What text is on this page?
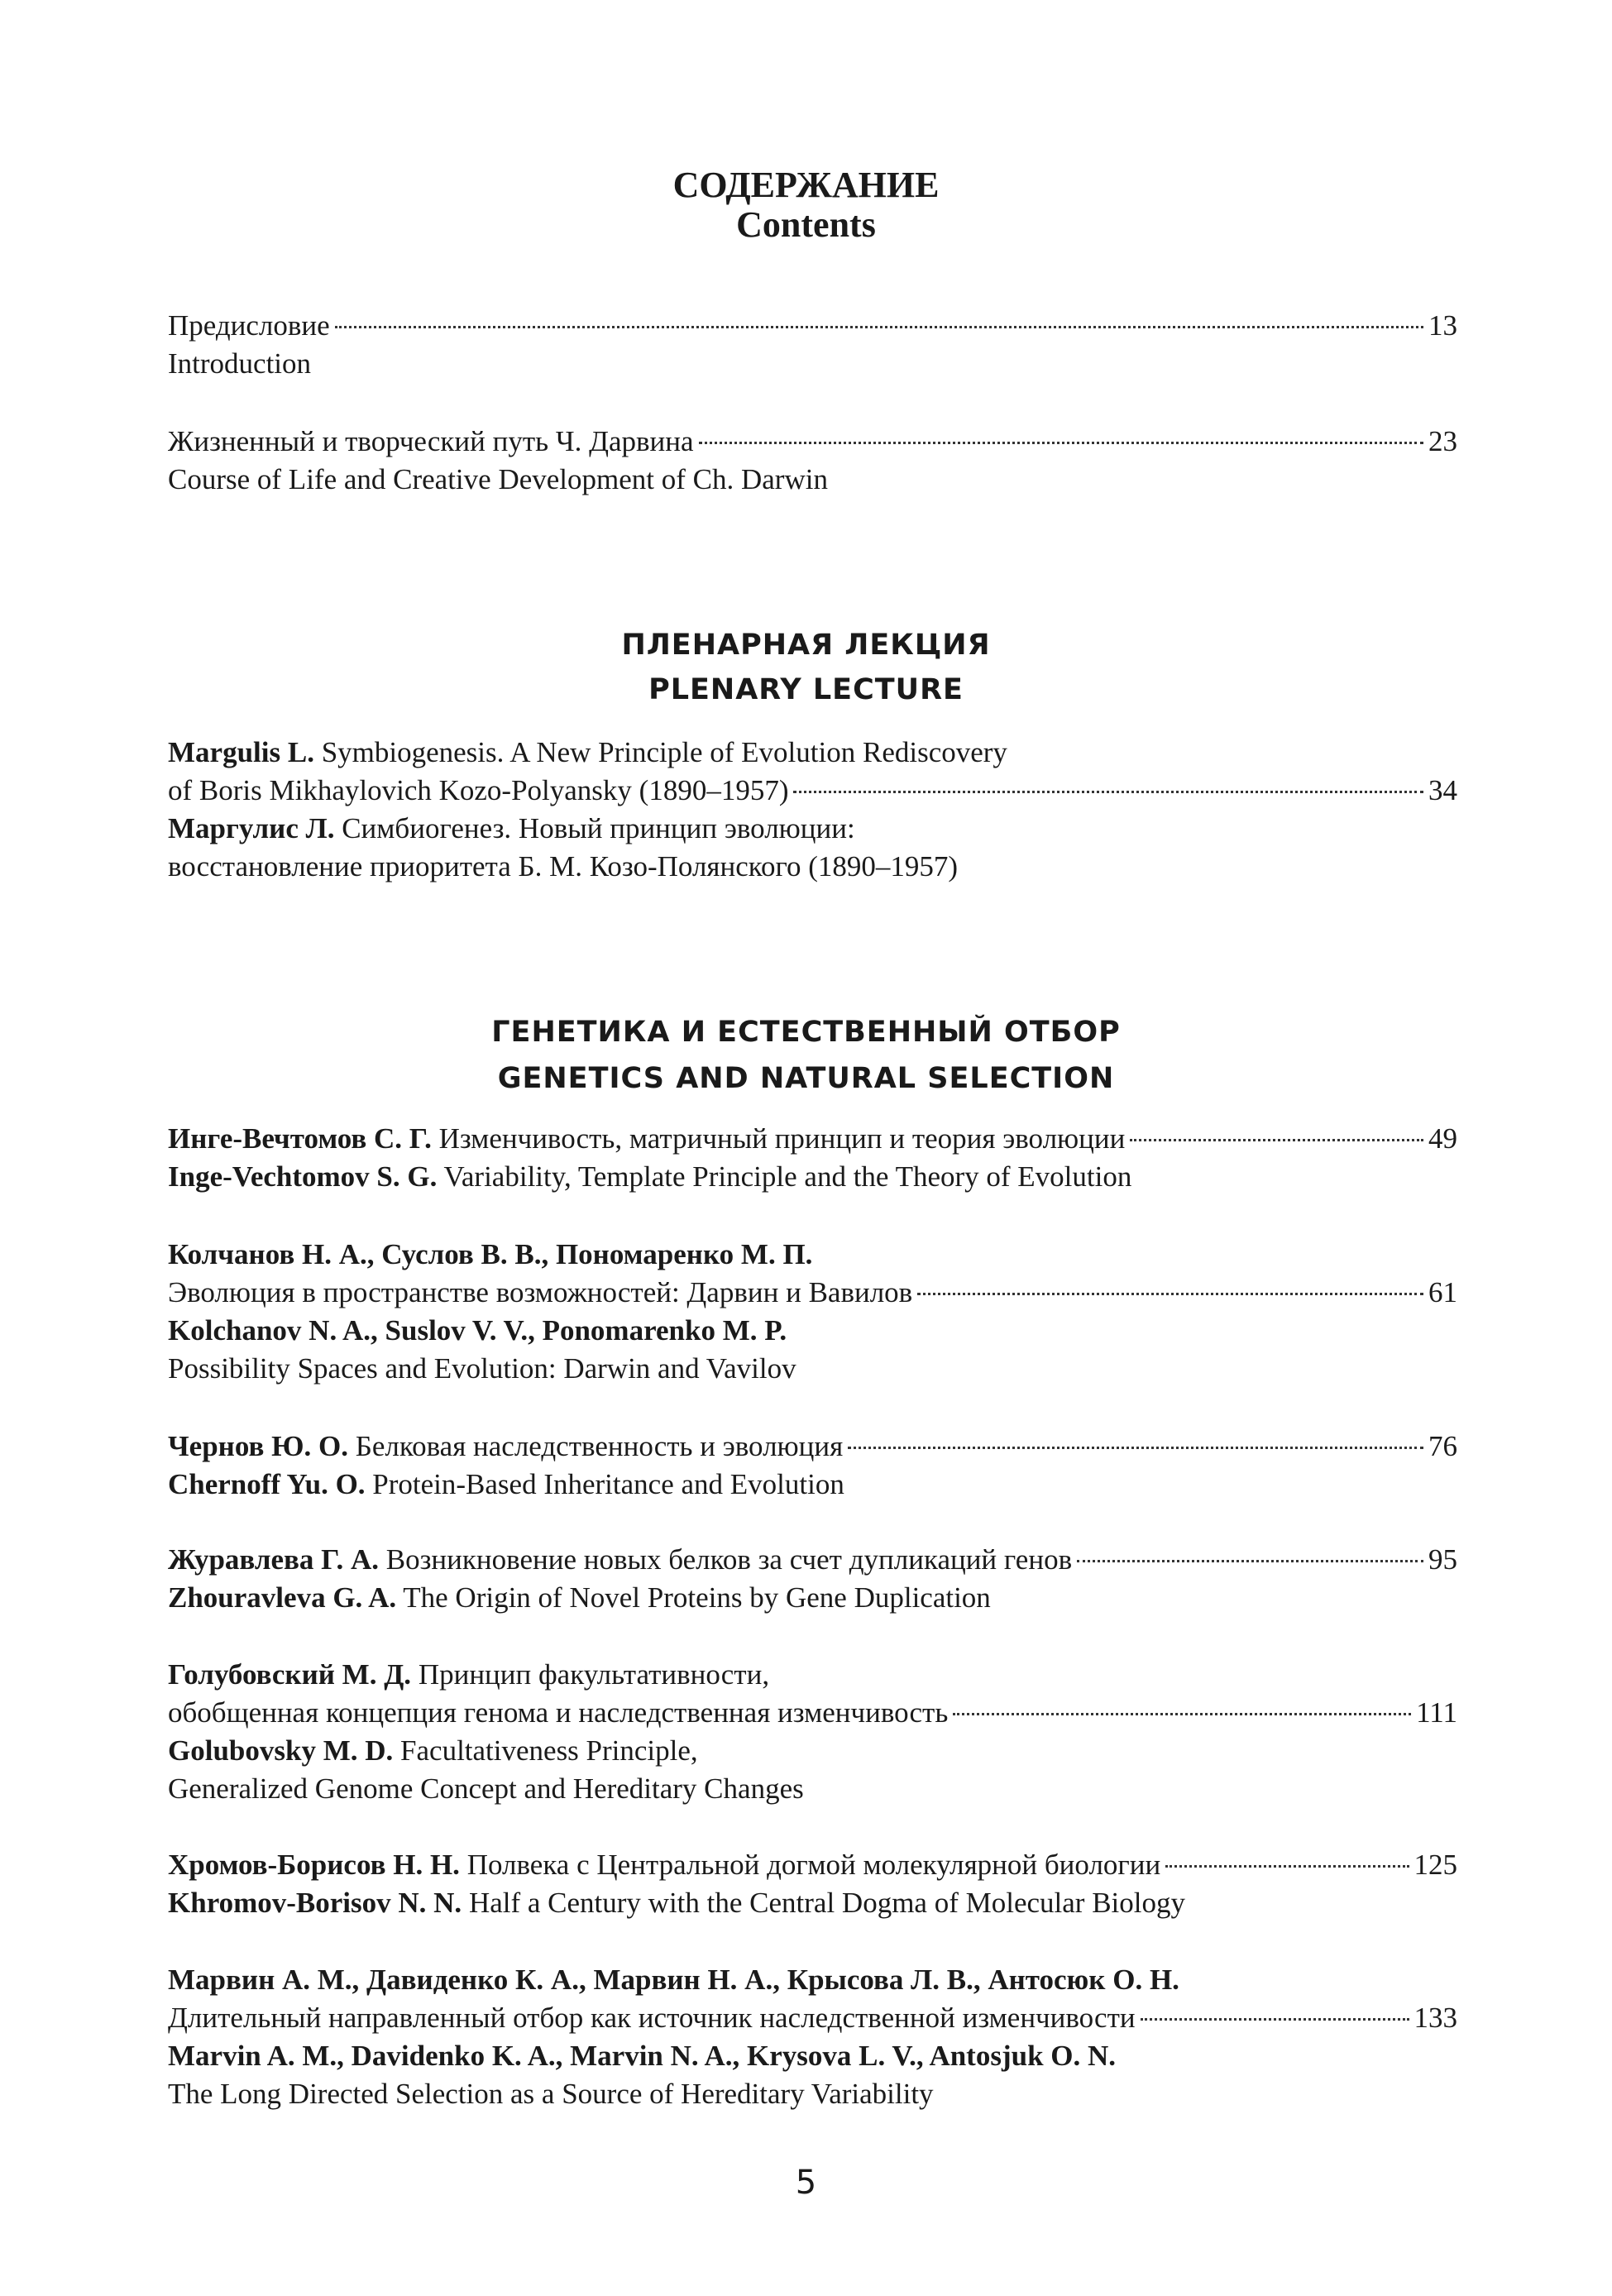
СОДЕРЖАНИЕ
Contents
Предисловие	13
Introduction
Жизненный и творческий путь Ч. Дарвина	23
Course of Life and Creative Development of Ch. Darwin
ПЛЕНАРНАЯ ЛЕКЦИЯ
PLENARY LECTURE
Margulis L. Symbiogenesis. A New Principle of Evolution Rediscovery
of Boris Mikhaylovich Kozo-Polyansky (1890–1957)	34
Маргулис Л. Симбиогенез. Новый принцип эволюции:
восстановление приоритета Б. М. Козо-Полянского (1890–1957)
ГЕНЕТИКА И ЕСТЕСТВЕННЫЙ ОТБОР
GENETICS AND NATURAL SELECTION
Инге-Вечтомов С. Г. Изменчивость, матричный принцип и теория эволюции	49
Inge-Vechtomov S. G. Variability, Template Principle and the Theory of Evolution
Колчанов Н. А., Суслов В. В., Пономаренко М. П.
Эволюция в пространстве возможностей: Дарвин и Вавилов	61
Kolchanov N. A., Suslov V. V., Ponomarenko M. P.
Possibility Spaces and Evolution: Darwin and Vavilov
Чернов Ю. О. Белковая наследственность и эволюция	76
Chernoff Yu. O. Protein-Based Inheritance and Evolution
Журавлева Г. А. Возникновение новых белков за счет дупликаций генов	95
Zhouravleva G. A. The Origin of Novel Proteins by Gene Duplication
Голубовский М. Д. Принцип факультативности,
обобщенная концепция генома и наследственная изменчивость	111
Golubovsky M. D. Facultativeness Principle,
Generalized Genome Concept and Hereditary Changes
Хромов-Борисов Н. Н. Полвека с Центральной догмой молекулярной биологии	125
Khromov-Borisov N. N. Half a Century with the Central Dogma of Molecular Biology
Марвин А. М., Давиденко К. А., Марвин Н. А., Крысова Л. В., Антосюк О. Н.
Длительный направленный отбор как источник наследственной изменчивости	133
Marvin A. M., Davidenko K. A., Marvin N. A., Krysova L. V., Antosjuk O. N.
The Long Directed Selection as a Source of Hereditary Variability
5
